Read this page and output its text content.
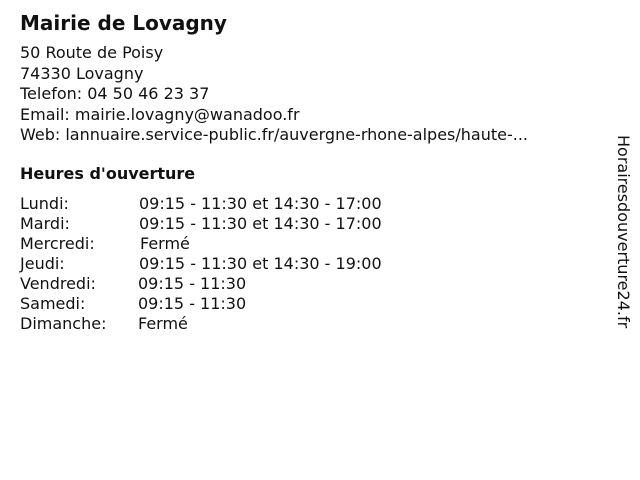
Mairie de Lovagny
50 Route de Poisy
74330 Lovagny
Telefon: 04 50 46 23 37
Email: mairie.lovagny@wanadoo.fr
Web: lannuaire.service-public.fr/auvergne-rhone-alpes/haute-...
Heures d'ouverture
Lundi:	09:15 - 11:30 et 14:30 - 17:00
Mardi:	09:15 - 11:30 et 14:30 - 17:00
Mercredi:	Fermé
Jeudi:	09:15 - 11:30 et 14:30 - 19:00
Vendredi:	09:15 - 11:30
Samedi:	09:15 - 11:30
Dimanche: Fermé	Horairesdouverture24.fr
